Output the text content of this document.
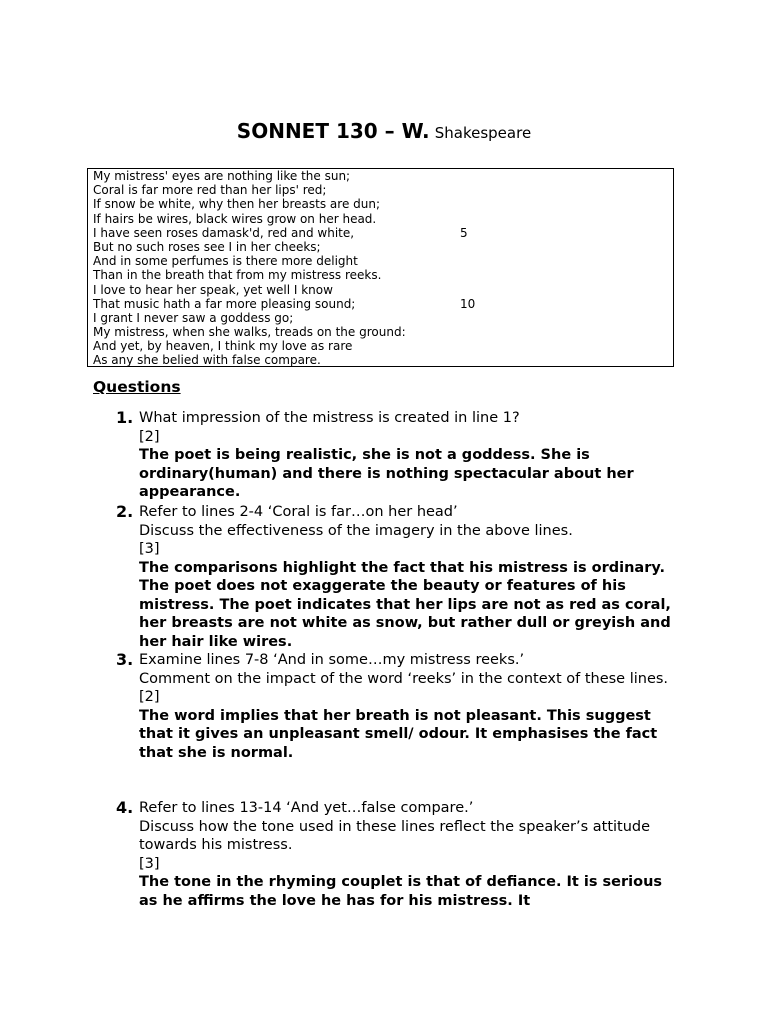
SONNET 130 – W. Shakespeare
My mistress' eyes are nothing like the sun;
Coral is far more red than her lips' red;
If snow be white, why then her breasts are dun;
If hairs be wires, black wires grow on her head.
I have seen roses damask'd, red and white,	5
But no such roses see I in her cheeks;
And in some perfumes is there more delight
Than in the breath that from my mistress reeks.
I love to hear her speak, yet well I know
That music hath a far more pleasing sound;	10
I grant I never saw a goddess go;
My mistress, when she walks, treads on the ground:
And yet, by heaven, I think my love as rare
As any she belied with false compare.
Questions
1. What impression of the mistress is created in line 1?
[2]
The poet is being realistic, she is not a goddess. She is ordinary(human) and there is nothing spectacular about her appearance.
2. Refer to lines 2-4 ‘Coral is far…on her head’
Discuss the effectiveness of the imagery in the above lines.
[3]
The comparisons highlight the fact that his mistress is ordinary. The poet does not exaggerate the beauty or features of his mistress. The poet indicates that her lips are not as red as coral, her breasts are not white as snow, but rather dull or greyish and her hair like wires.
3. Examine lines 7-8 ‘And in some…my mistress reeks.’
Comment on the impact of the word ‘reeks’ in the context of these lines.
[2]
The word implies that her breath is not pleasant. This suggest that it gives an unpleasant smell/ odour. It emphasises the fact that she is normal.
4. Refer to lines 13-14 ‘And yet…false compare.’
Discuss how the tone used in these lines reflect the speaker’s attitude towards his mistress.
[3]
The tone in the rhyming couplet is that of defiance. It is serious as he affirms the love he has for his mistress. It
